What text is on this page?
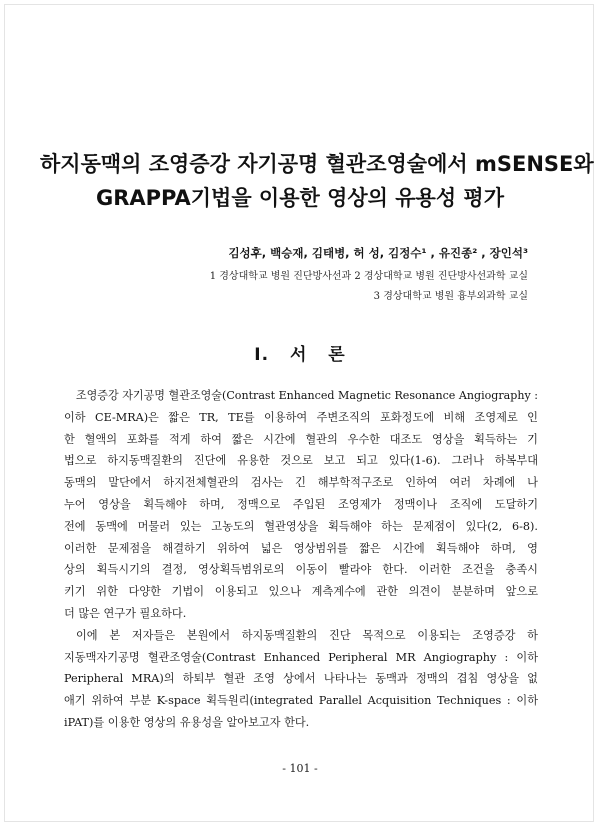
하지동맥의 조영증강 자기공명 혈관조영술에서 mSENSE와
GRAPPA기법을 이용한 영상의 유용성 평가
김성후, 백승재, 김태병, 허 성, 김정수¹ , 유진종² , 장인석³
1 경상대학교 병원 진단방사선과 2 경상대학교 병원 진단방사선과학 교실
3 경상대학교 병원 흉부외과학 교실
Ⅰ. 서 론

조영증강 자기공명 혈관조영술(Contrast Enhanced Magnetic Resonance Angiography :
이하 CE-MRA)은 짧은 TR, TE를 이용하여 주변조직의 포화정도에 비해 조영제로 인
한 혈액의 포화를 적게 하여 짧은 시간에 혈관의 우수한 대조도 영상을 획득하는 기
법으로 하지동맥질환의 진단에 유용한 것으로 보고 되고 있다(1-6). 그러나 하복부대
동맥의 말단에서 하지전체혈관의 검사는 긴 해부학적구조로 인하여 여러 차례에 나
누어 영상을 획득해야 하며, 정맥으로 주입된 조영제가 정맥이나 조직에 도달하기
전에 동맥에 머물러 있는 고농도의 혈관영상을 획득해야 하는 문제점이 있다(2, 6-8).
이러한 문제점을 해결하기 위하여 넓은 영상범위를 짧은 시간에 획득해야 하며, 영
상의 획득시기의 결정, 영상획득범위로의 이동이 빨라야 한다. 이러한 조건을 충족시
키기 위한 다양한 기법이 이용되고 있으나 계측계수에 관한 의견이 분분하며 앞으로
더 많은 연구가 필요하다.

이에 본 저자들은 본원에서 하지동맥질환의 진단 목적으로 이용되는 조영증강 하
지동맥자기공명 혈관조영술(Contrast Enhanced Peripheral MR Angiography : 이하
Peripheral MRA)의 하퇴부 혈관 조영 상에서 나타나는 동맥과 정맥의 겹침 영상을 없
애기 위하여 부분 K-space 획득원리(integrated Parallel Acquisition Techniques : 이하
iPAT)를 이용한 영상의 유용성을 알아보고자 한다.

- 101 -
